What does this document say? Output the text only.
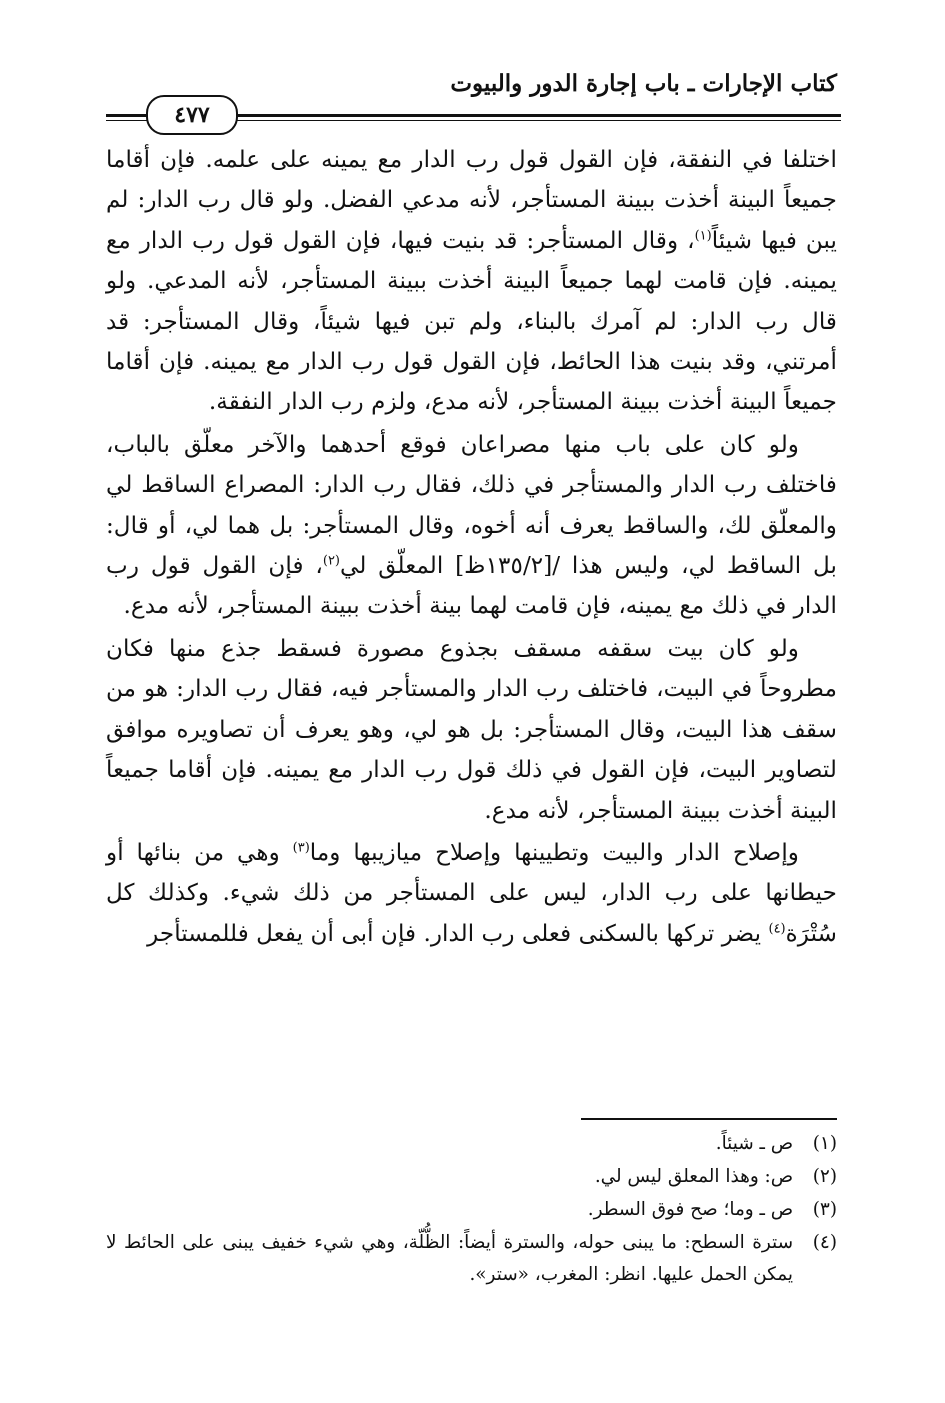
كتاب الإجارات ـ باب إجارة الدور والبيوت
٤٧٧

اختلفا في النفقة، فإن القول قول رب الدار مع يمينه على علمه. فإن أقاما جميعاً البينة أخذت ببينة المستأجر، لأنه مدعي الفضل. ولو قال رب الدار: لم يبن فيها شيئاً$^{(١)}$، وقال المستأجر: قد بنيت فيها، فإن القول قول رب الدار مع يمينه. فإن قامت لهما جميعاً البينة أخذت ببينة المستأجر، لأنه المدعي. ولو قال رب الدار: لم آمرك بالبناء، ولم تبن فيها شيئاً، وقال المستأجر: قد أمرتني، وقد بنيت هذا الحائط، فإن القول قول رب الدار مع يمينه. فإن أقاما جميعاً البينة أخذت ببينة المستأجر، لأنه مدع، ولزم رب الدار النفقة.

ولو كان على باب منها مصراعان فوقع أحدهما والآخر معلّق بالباب، فاختلف رب الدار والمستأجر في ذلك، فقال رب الدار: المصراع الساقط لي والمعلّق لك، والساقط يعرف أنه أخوه، وقال المستأجر: بل هما لي، أو قال: بل الساقط لي، وليس هذا /[١٣٥/٢ظ] المعلّق لي$^{(٢)}$، فإن القول قول رب الدار في ذلك مع يمينه، فإن قامت لهما بينة أخذت ببينة المستأجر، لأنه مدع.

ولو كان بيت سقفه مسقف بجذوع مصورة فسقط جذع منها فكان مطروحاً في البيت، فاختلف رب الدار والمستأجر فيه، فقال رب الدار: هو من سقف هذا البيت، وقال المستأجر: بل هو لي، وهو يعرف أن تصاويره موافق لتصاوير البيت، فإن القول في ذلك قول رب الدار مع يمينه. فإن أقاما جميعاً البينة أخذت ببينة المستأجر، لأنه مدع.

وإصلاح الدار والبيت وتطيينها وإصلاح ميازيبها وما$^{(٣)}$ وهي من بنائها أو حيطانها على رب الدار، ليس على المستأجر من ذلك شيء. وكذلك كل سُتْرَة$^{(٤)}$ يضر تركها بالسكنى فعلى رب الدار. فإن أبى أن يفعل فللمستأجر

(١)
ص ـ شيئاً.
(٢)
ص: وهذا المعلق ليس لي.
(٣)
ص ـ وما؛ صح فوق السطر.
(٤)
سترة السطح: ما يبنى حوله، والسترة أيضاً: الظُّلّة، وهي شيء خفيف يبنى على الحائط لا يمكن الحمل عليها. انظر: المغرب، «ستر».
